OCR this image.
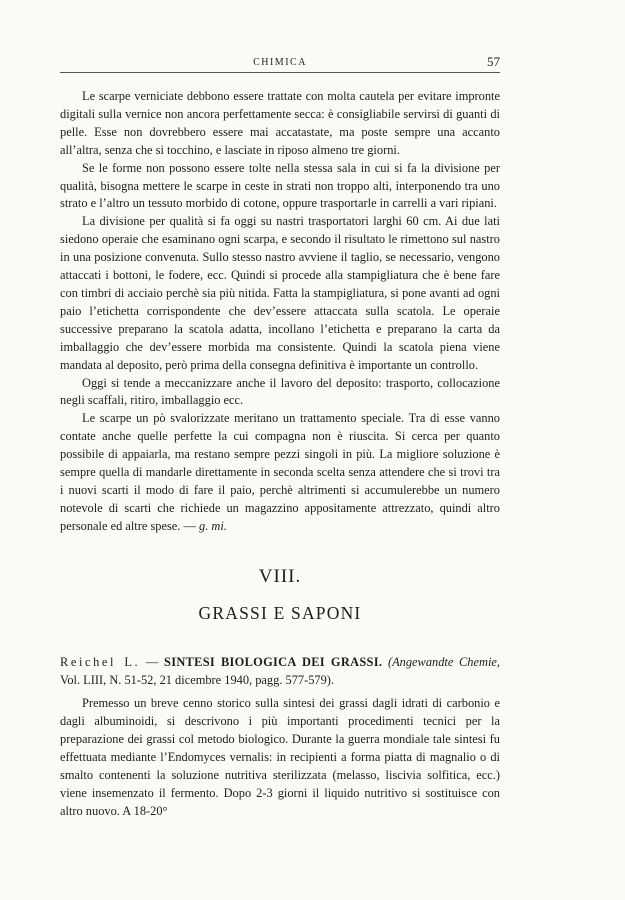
CHIMICA	57

Le scarpe verniciate debbono essere trattate con molta cautela per evitare impronte digitali sulla vernice non ancora perfettamente secca: è consigliabile servirsi di guanti di pelle. Esse non dovrebbero essere mai accatastate, ma poste sempre una accanto all’altra, senza che si tocchino, e lasciate in riposo almeno tre giorni.

Se le forme non possono essere tolte nella stessa sala in cui si fa la divisione per qualità, bisogna mettere le scarpe in ceste in strati non troppo alti, interponendo tra uno strato e l’altro un tessuto morbido di cotone, oppure trasportarle in carrelli a vari ripiani.

La divisione per qualità si fa oggi su nastri trasportatori larghi 60 cm. Ai due lati siedono operaie che esaminano ogni scarpa, e secondo il risultato le rimettono sul nastro in una posizione convenuta. Sullo stesso nastro avviene il taglio, se necessario, vengono attaccati i bottoni, le fodere, ecc. Quindi si procede alla stampigliatura che è bene fare con timbri di acciaio perchè sia più nitida. Fatta la stampigliatura, si pone avanti ad ogni paio l’etichetta corrispondente che dev’essere attaccata sulla scatola. Le operaie successive preparano la scatola adatta, incollano l’etichetta e preparano la carta da imballaggio che dev’essere morbida ma consistente. Quindi la scatola piena viene mandata al deposito, però prima della consegna definitiva è importante un controllo.

Oggi si tende a meccanizzare anche il lavoro del deposito: trasporto, collocazione negli scaffali, ritiro, imballaggio ecc.

Le scarpe un pò svalorizzate meritano un trattamento speciale. Tra di esse vanno contate anche quelle perfette la cui compagna non è riuscita. Si cerca per quanto possibile di appaiarla, ma restano sempre pezzi singoli in più. La migliore soluzione è sempre quella di mandarle direttamente in seconda scelta senza attendere che si trovi tra i nuovi scarti il modo di fare il paio, perchè altrimenti si accumulerebbe un numero notevole di scarti che richiede un magazzino appositamente attrezzato, quindi altro personale ed altre spese. — g. mi.

VIII.
GRASSI E SAPONI
Reichel L. — SINTESI BIOLOGICA DEI GRASSI. (Angewandte Chemie, Vol. LIII, N. 51-52, 21 dicembre 1940, pagg. 577-579).

Premesso un breve cenno storico sulla sintesi dei grassi dagli idrati di carbonio e dagli albuminoidi, si descrivono i più importanti procedimenti tecnici per la preparazione dei grassi col metodo biologico. Durante la guerra mondiale tale sintesi fu effettuata mediante l’Endomyces vernalis: in recipienti a forma piatta di magnalio o di smalto contenenti la soluzione nutritiva sterilizzata (melasso, liscivia solfitica, ecc.) viene insemenzato il fermento. Dopo 2-3 giorni il liquido nutritivo si sostituisce con altro nuovo. A 18-20°
